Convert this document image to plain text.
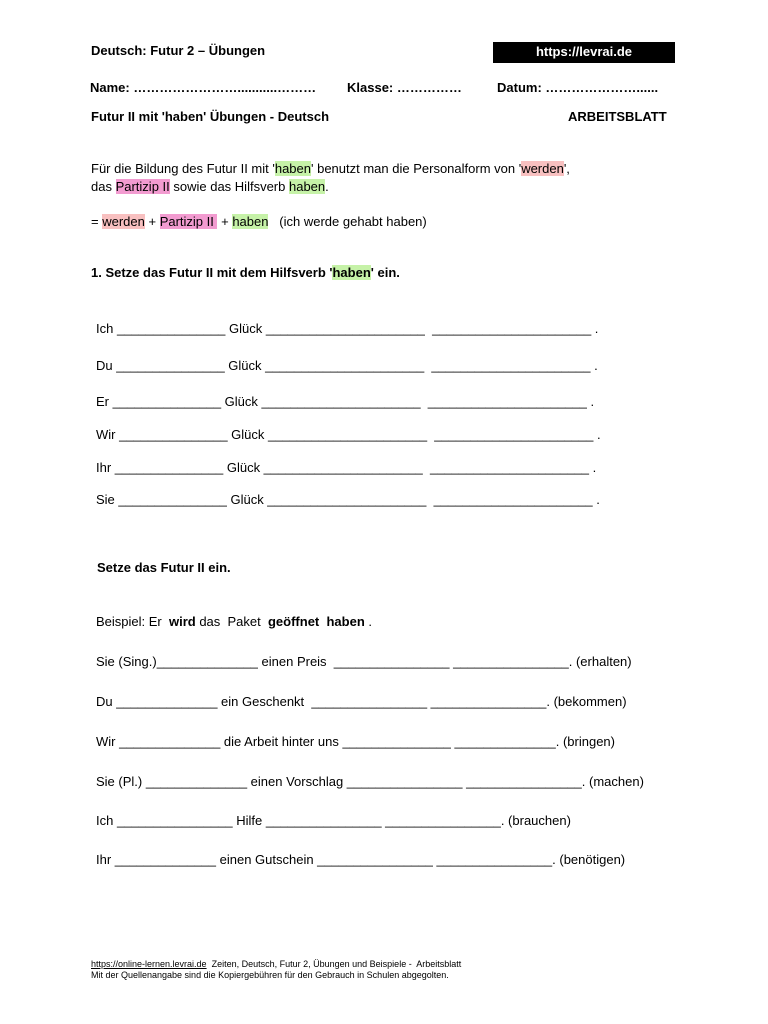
Deutsch: Futur 2 – Übungen	https://levrai.de
Name: ……………………...........……… Klasse: ……………	Datum: …………………......
Futur II mit 'haben' Übungen - Deutsch	ARBEITSBLATT
Für die Bildung des Futur II mit 'haben' benutzt man die Personalform von 'werden',
das Partizip II sowie das Hilfsverb haben.
= werden + Partizip II  + haben   (ich werde gehabt haben)
1. Setze das Futur II mit dem Hilfsverb 'haben' ein.
Ich _______________ Glück ______________________  ______________________ .
Du _______________ Glück ______________________  ______________________ .
Er _______________ Glück ______________________  ______________________ .
Wir _______________ Glück ______________________  ______________________ .
Ihr _______________ Glück ______________________  ______________________ .
Sie _______________ Glück ______________________  ______________________ .
Setze das Futur II ein.
Beispiel: Er  wird das  Paket  geöffnet  haben .
Sie (Sing.)______________ einen Preis  ________________ ________________. (erhalten)
Du ______________ ein Geschenkt  ________________ ________________. (bekommen)
Wir ______________ die Arbeit hinter uns _______________ ______________. (bringen)
Sie (Pl.) ______________ einen Vorschlag ________________ ________________. (machen)
Ich ________________ Hilfe ________________ ________________. (brauchen)
Ihr ______________ einen Gutschein ________________ ________________. (benötigen)
https://online-lernen.levrai.de  Zeiten, Deutsch, Futur 2, Übungen und Beispiele -  Arbeitsblatt
Mit der Quellenangabe sind die Kopiergebühren für den Gebrauch in Schulen abgegolten.
